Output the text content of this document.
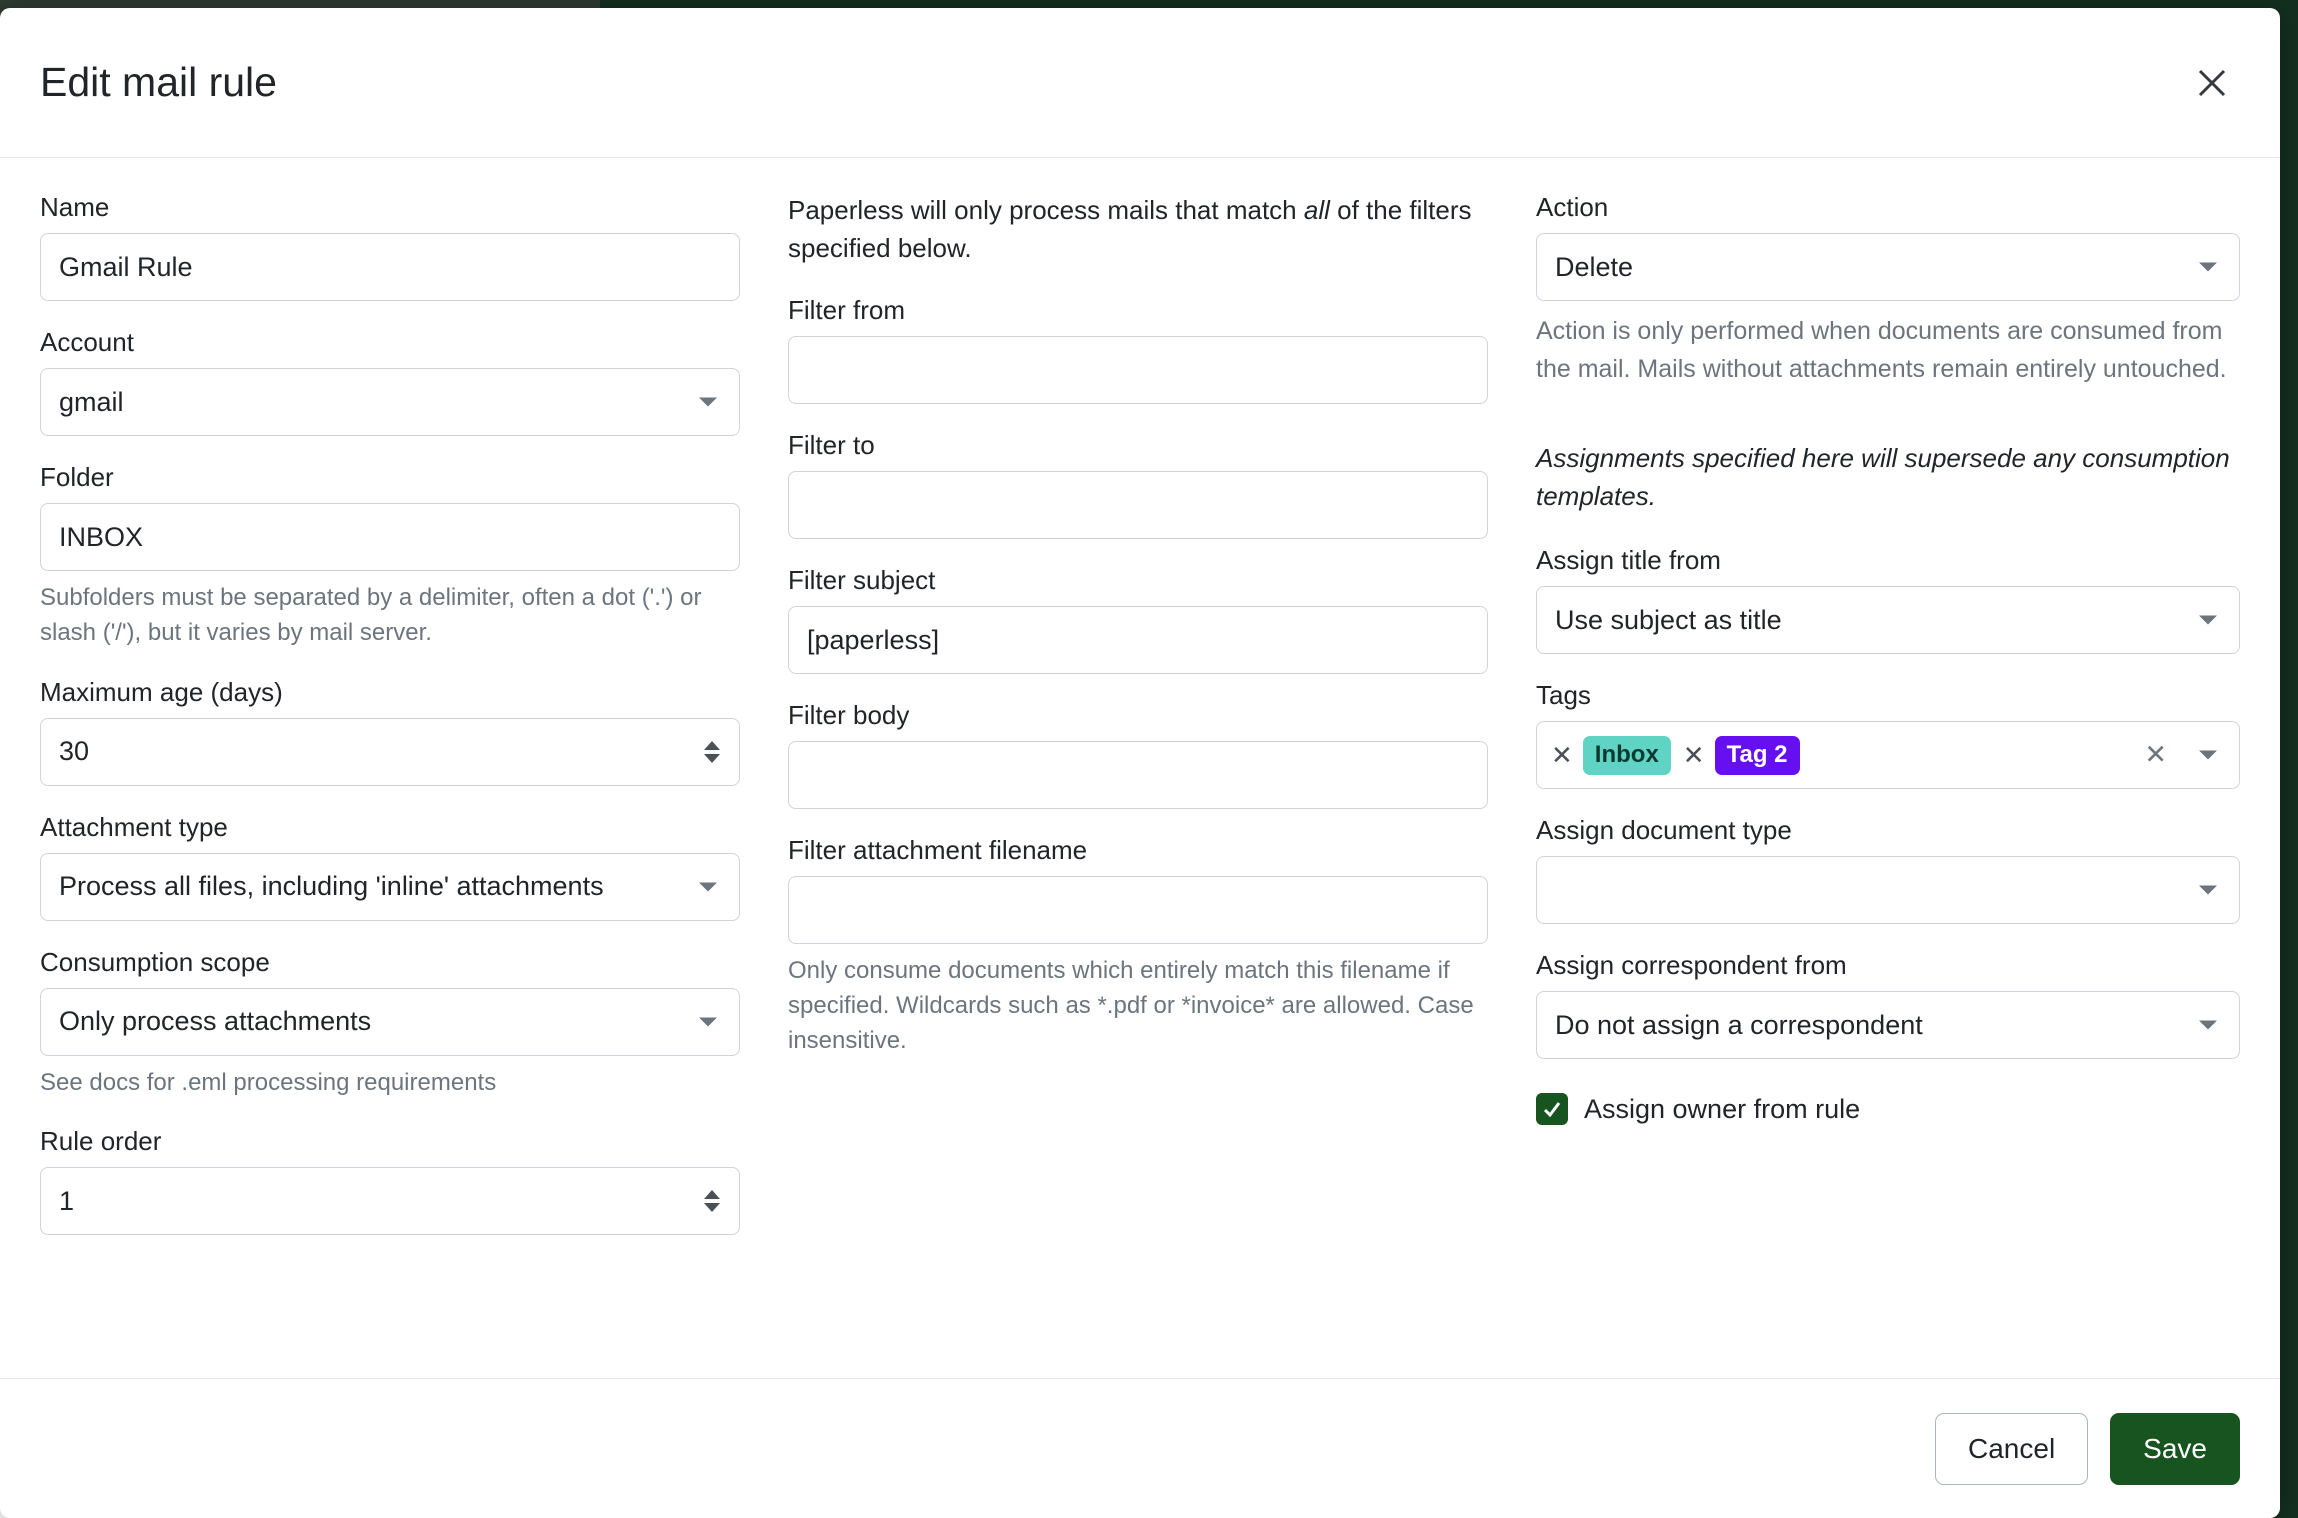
Edit mail rule
Name
Gmail Rule
Account
gmail
Folder
INBOX
Subfolders must be separated by a delimiter, often a dot ('.') or slash ('/'), but it varies by mail server.
Maximum age (days)
30
Attachment type
Process all files, including 'inline' attachments
Consumption scope
Only process attachments
See docs for .eml processing requirements
Rule order
1
Paperless will only process mails that match all of the filters specified below.
Filter from
Filter to
Filter subject
[paperless]
Filter body
Filter attachment filename
Only consume documents which entirely match this filename if specified. Wildcards such as *.pdf or *invoice* are allowed. Case insensitive.
Action
Delete
Action is only performed when documents are consumed from the mail. Mails without attachments remain entirely untouched.
Assignments specified here will supersede any consumption templates.
Assign title from
Use subject as title
Tags
✕ Inbox ✕ Tag 2	✕
Assign document type
Assign correspondent from
Do not assign a correspondent
Assign owner from rule
Cancel	Save
